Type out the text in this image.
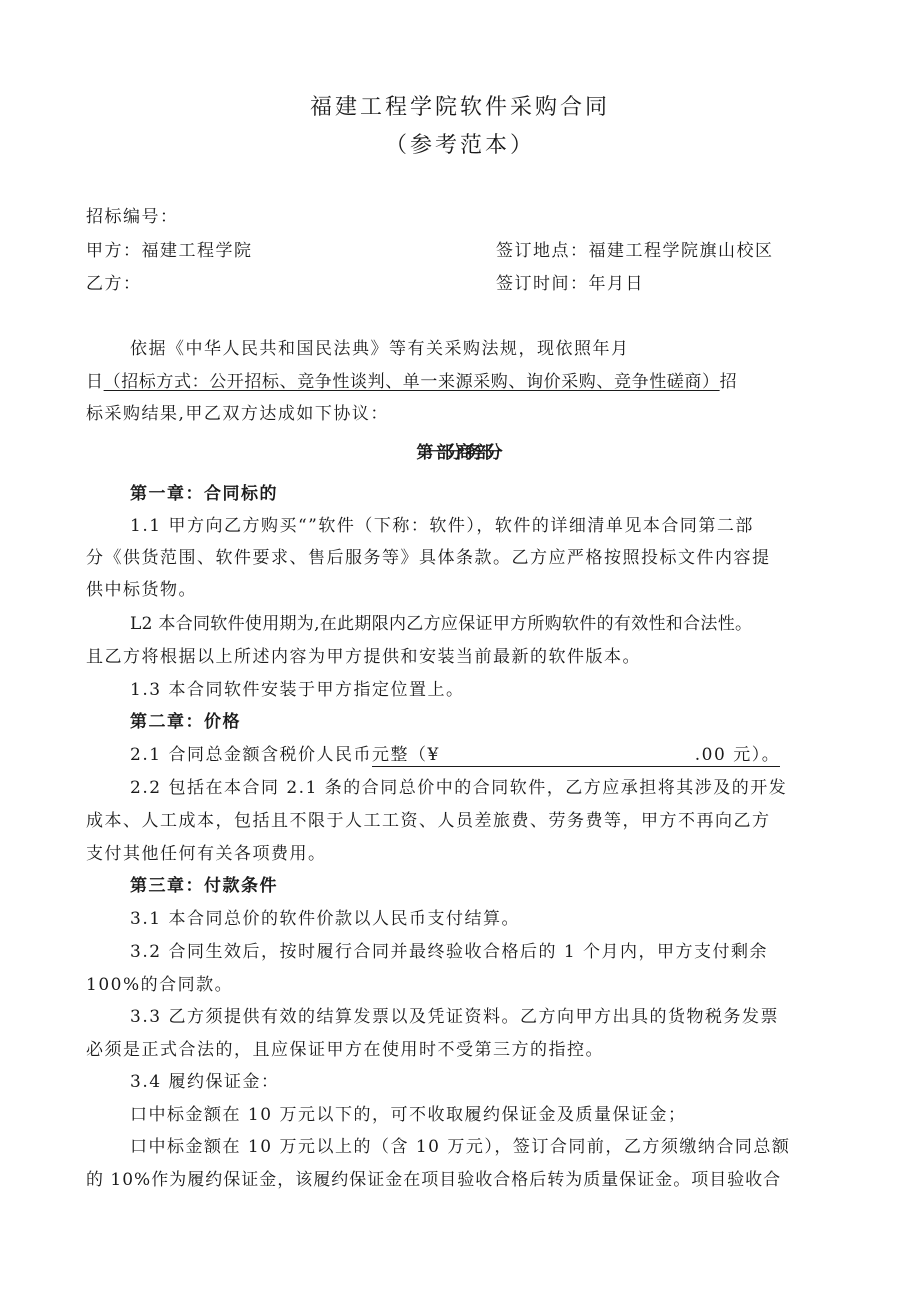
福建工程学院软件采购合同
（参考范本）
招标编号：
甲方：福建工程学院	签订地点：福建工程学院旗山校区
乙方：	签订时间：年月日
依据《中华人民共和国民法典》等有关采购法规，现依照年月
日（招标方式：公开招标、竞争性谈判、单一来源采购、询价采购、竞争性磋商）招
标采购结果,甲乙双方达成如下协议：
第一部分商务部分
第一章：合同标的
1.1 甲方向乙方购买“”软件（下称：软件），软件的详细清单见本合同第二部
分《供货范围、软件要求、售后服务等》具体条款。乙方应严格按照投标文件内容提
供中标货物。
L2 本合同软件使用期为,在此期限内乙方应保证甲方所购软件的有效性和合法性。
且乙方将根据以上所述内容为甲方提供和安装当前最新的软件版本。
1.3 本合同软件安装于甲方指定位置上。
第二章：价格
2.1 合同总金额含税价人民币元整（¥	.00 元）。
2.2 包括在本合同 2.1 条的合同总价中的合同软件，乙方应承担将其涉及的开发
成本、人工成本，包括且不限于人工工资、人员差旅费、劳务费等，甲方不再向乙方
支付其他任何有关各项费用。
第三章：付款条件
3.1 本合同总价的软件价款以人民币支付结算。
3.2 合同生效后，按时履行合同并最终验收合格后的 1 个月内，甲方支付剩余
100%的合同款。
3.3 乙方须提供有效的结算发票以及凭证资料。乙方向甲方出具的货物税务发票
必须是正式合法的，且应保证甲方在使用时不受第三方的指控。
3.4 履约保证金：
口中标金额在 10 万元以下的，可不收取履约保证金及质量保证金；
口中标金额在 10 万元以上的（含 10 万元），签订合同前，乙方须缴纳合同总额
的 10%作为履约保证金，该履约保证金在项目验收合格后转为质量保证金。项目验收合
